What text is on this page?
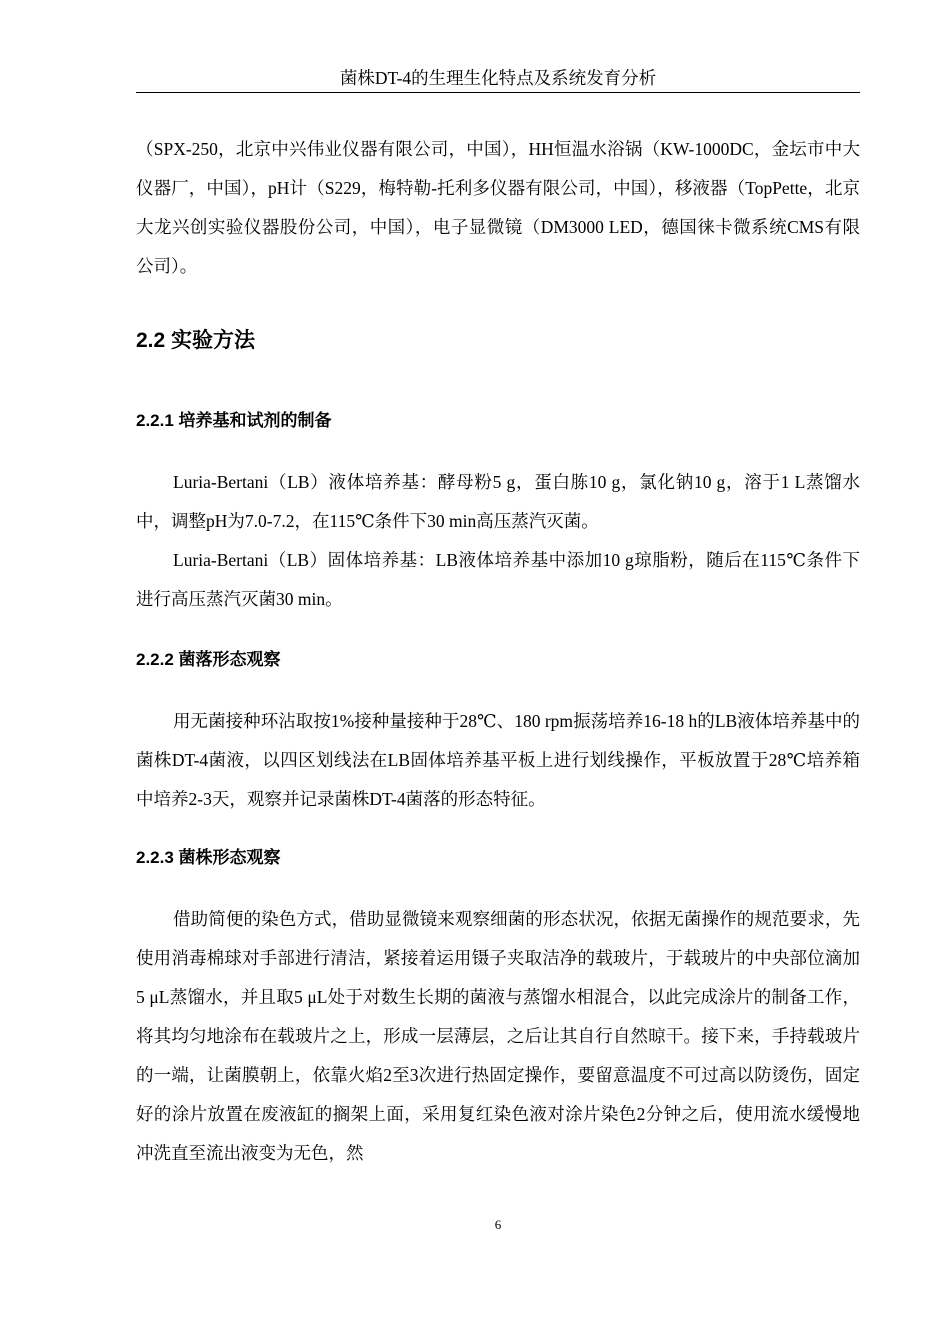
菌株DT-4的生理生化特点及系统发育分析

（SPX-250，北京中兴伟业仪器有限公司，中国），HH恒温水浴锅（KW-1000DC，金坛市中大仪器厂，中国），pH计（S229，梅特勒-托利多仪器有限公司，中国），移液器（TopPette，北京大龙兴创实验仪器股份公司，中国），电子显微镜（DM3000 LED，德国徕卡微系统CMS有限公司）。

2.2 实验方法
2.2.1 培养基和试剂的制备

Luria-Bertani（LB）液体培养基：酵母粉5 g，蛋白胨10 g，氯化钠10 g，溶于1 L蒸馏水中，调整pH为7.0-7.2，在115℃条件下30 min高压蒸汽灭菌。

Luria-Bertani（LB）固体培养基：LB液体培养基中添加10 g琼脂粉，随后在115℃条件下进行高压蒸汽灭菌30 min。

2.2.2 菌落形态观察

用无菌接种环沾取按1%接种量接种于28℃、180 rpm振荡培养16-18 h的LB液体培养基中的菌株DT-4菌液，以四区划线法在LB固体培养基平板上进行划线操作，平板放置于28℃培养箱中培养2-3天，观察并记录菌株DT-4菌落的形态特征。

2.2.3 菌株形态观察

借助简便的染色方式，借助显微镜来观察细菌的形态状况，依据无菌操作的规范要求，先使用消毒棉球对手部进行清洁，紧接着运用镊子夹取洁净的载玻片，于载玻片的中央部位滴加5 μL蒸馏水，并且取5 μL处于对数生长期的菌液与蒸馏水相混合，以此完成涂片的制备工作，将其均匀地涂布在载玻片之上，形成一层薄层，之后让其自行自然晾干。接下来，手持载玻片的一端，让菌膜朝上，依靠火焰2至3次进行热固定操作，要留意温度不可过高以防烫伤，固定好的涂片放置在废液缸的搁架上面，采用复红染色液对涂片染色2分钟之后，使用流水缓慢地冲洗直至流出液变为无色，然

6
